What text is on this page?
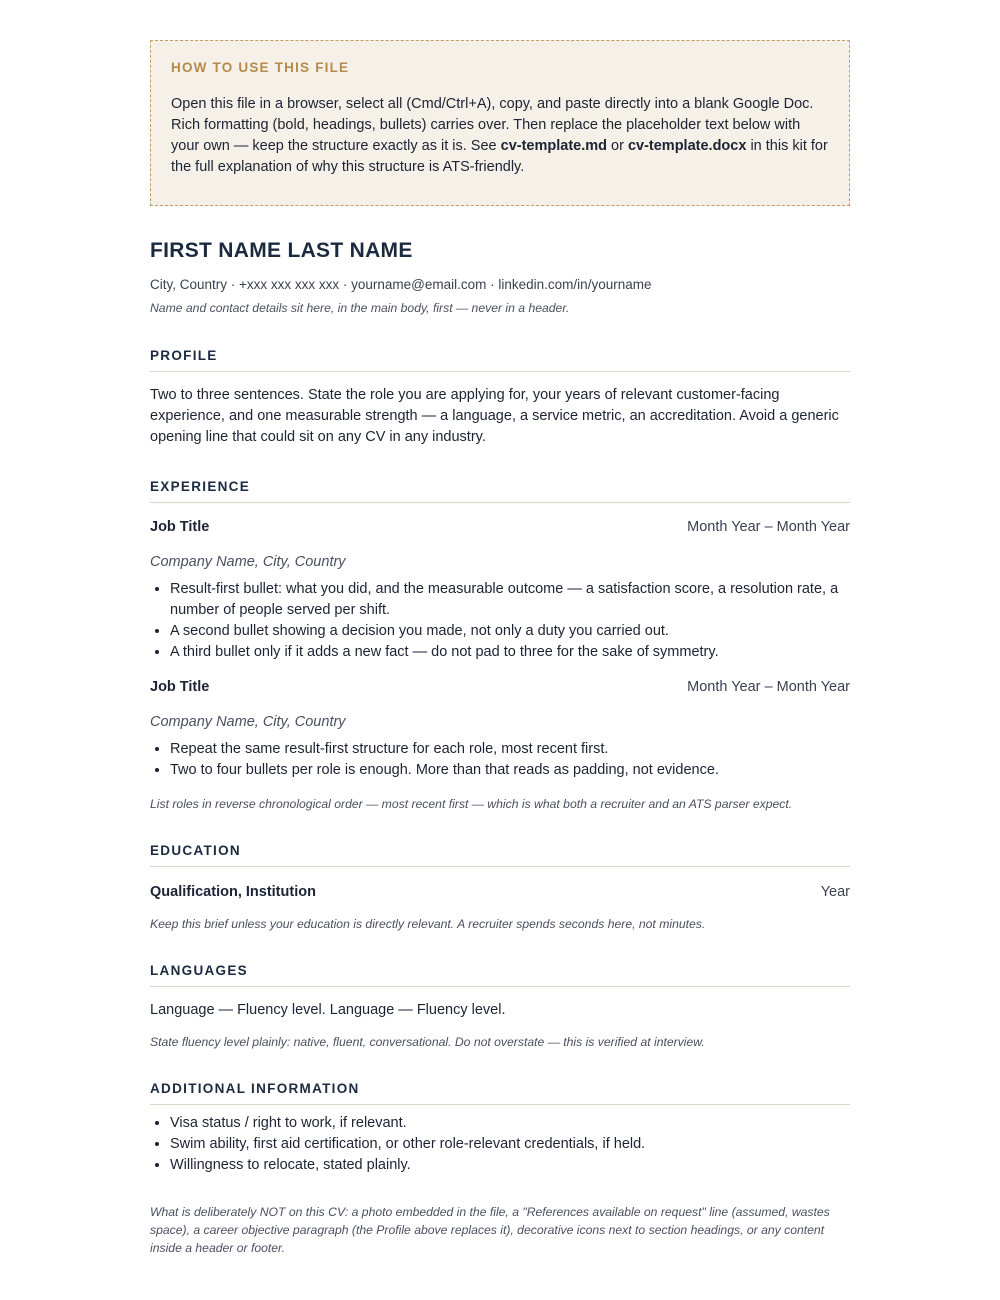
HOW TO USE THIS FILE

Open this file in a browser, select all (Cmd/Ctrl+A), copy, and paste directly into a blank Google Doc. Rich formatting (bold, headings, bullets) carries over. Then replace the placeholder text below with your own — keep the structure exactly as it is. See cv-template.md or cv-template.docx in this kit for the full explanation of why this structure is ATS-friendly.

FIRST NAME LAST NAME
City, Country · +xxx xxx xxx xxx · yourname@email.com · linkedin.com/in/yourname
Name and contact details sit here, in the main body, first — never in a header.
PROFILE

Two to three sentences. State the role you are applying for, your years of relevant customer-facing experience, and one measurable strength — a language, a service metric, an accreditation. Avoid a generic opening line that could sit on any CV in any industry.

EXPERIENCE
Job Title	Month Year – Month Year
Company Name, City, Country
• Result-first bullet: what you did, and the measurable outcome — a satisfaction score, a resolution rate, a number of people served per shift.
• A second bullet showing a decision you made, not only a duty you carried out.
• A third bullet only if it adds a new fact — do not pad to three for the sake of symmetry.
Job Title	Month Year – Month Year
Company Name, City, Country
• Repeat the same result-first structure for each role, most recent first.
• Two to four bullets per role is enough. More than that reads as padding, not evidence.
List roles in reverse chronological order — most recent first — which is what both a recruiter and an ATS parser expect.
EDUCATION
Qualification, Institution	Year
Keep this brief unless your education is directly relevant. A recruiter spends seconds here, not minutes.
LANGUAGES

Language — Fluency level. Language — Fluency level.

State fluency level plainly: native, fluent, conversational. Do not overstate — this is verified at interview.
ADDITIONAL INFORMATION
• Visa status / right to work, if relevant.
• Swim ability, first aid certification, or other role-relevant credentials, if held.
• Willingness to relocate, stated plainly.
What is deliberately NOT on this CV: a photo embedded in the file, a "References available on request" line (assumed, wastes space), a career objective paragraph (the Profile above replaces it), decorative icons next to section headings, or any content inside a header or footer.
